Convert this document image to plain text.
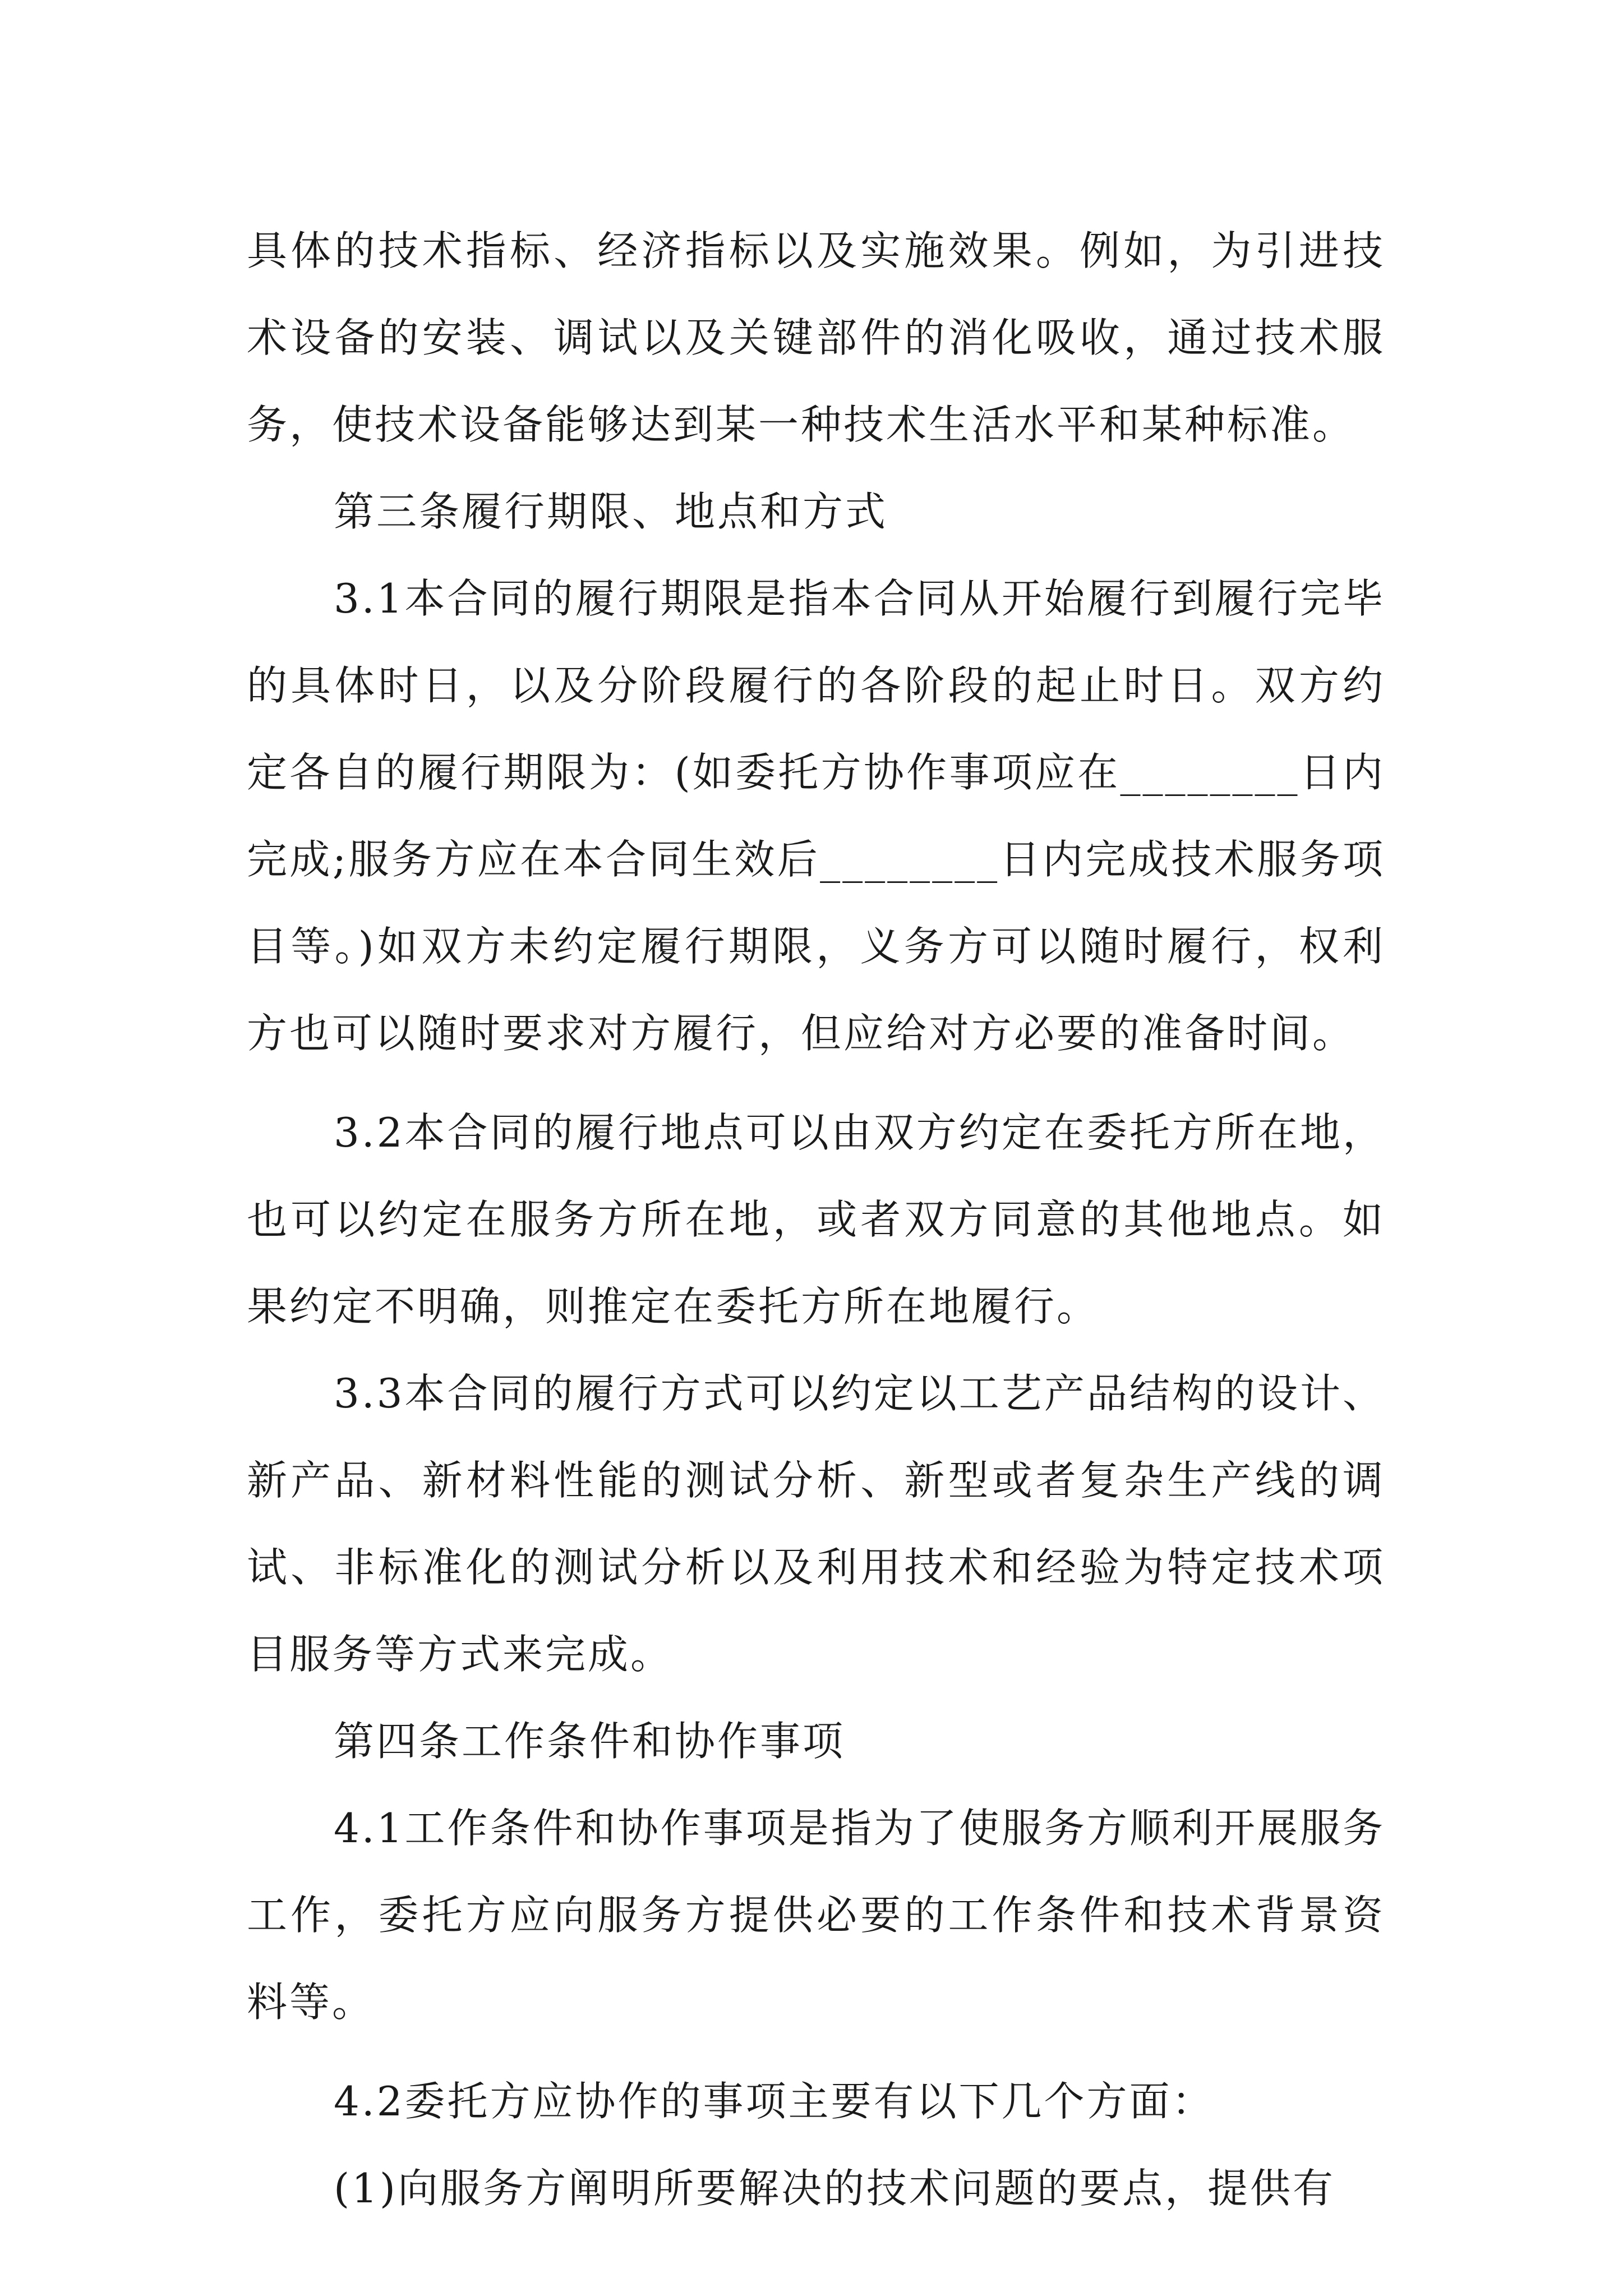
具体的技术指标、经济指标以及实施效果。例如，为引进技术设备的安装、调试以及关键部件的消化吸收，通过技术服务，使技术设备能够达到某一种技术生活水平和某种标准。

第三条履行期限、地点和方式

3.1本合同的履行期限是指本合同从开始履行到履行完毕的具体时日，以及分阶段履行的各阶段的起止时日。双方约定各自的履行期限为：(如委托方协作事项应在________日内完成;服务方应在本合同生效后________日内完成技术服务项目等。)如双方未约定履行期限，义务方可以随时履行，权利方也可以随时要求对方履行，但应给对方必要的准备时间。

3.2本合同的履行地点可以由双方约定在委托方所在地，也可以约定在服务方所在地，或者双方同意的其他地点。如果约定不明确，则推定在委托方所在地履行。

3.3本合同的履行方式可以约定以工艺产品结构的设计、新产品、新材料性能的测试分析、新型或者复杂生产线的调试、非标准化的测试分析以及利用技术和经验为特定技术项目服务等方式来完成。

第四条工作条件和协作事项

4.1工作条件和协作事项是指为了使服务方顺利开展服务工作，委托方应向服务方提供必要的工作条件和技术背景资料等。

4.2委托方应协作的事项主要有以下几个方面：

(1)向服务方阐明所要解决的技术问题的要点，提供有
